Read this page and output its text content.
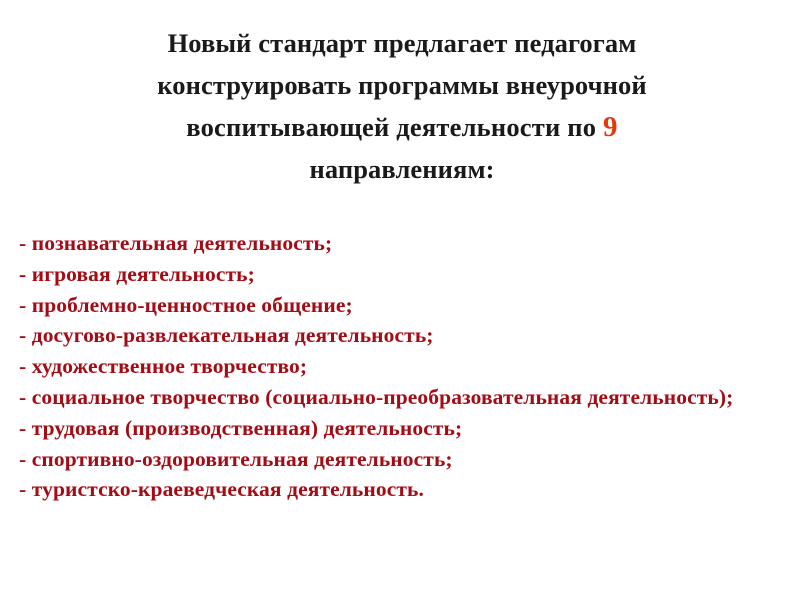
Новый стандарт предлагает педагогам
конструировать программы внеурочной
воспитывающей деятельности по 9
направлениям:
- познавательная деятельность;
- игровая деятельность;
- проблемно-ценностное общение;
- досугово-развлекательная деятельность;
- художественное творчество;
- социальное творчество (социально-преобразовательная деятельность);
- трудовая (производственная) деятельность;
- спортивно-оздоровительная деятельность;
- туристско-краеведческая деятельность.
